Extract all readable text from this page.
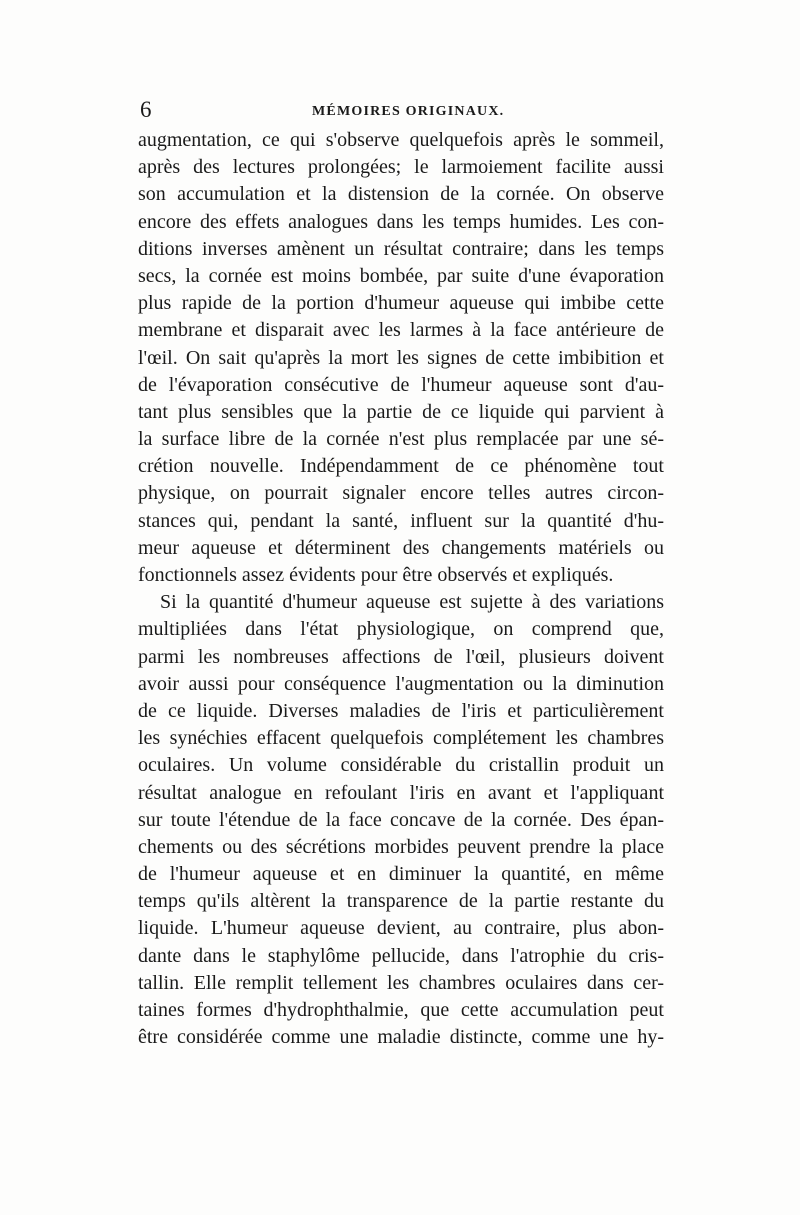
6	MÉMOIRES ORIGINAUX.
augmentation, ce qui s'observe quelquefois après le sommeil,
après des lectures prolongées; le larmoiement facilite aussi
son accumulation et la distension de la cornée. On observe
encore des effets analogues dans les temps humides. Les con-
ditions inverses amènent un résultat contraire; dans les temps
secs, la cornée est moins bombée, par suite d'une évaporation
plus rapide de la portion d'humeur aqueuse qui imbibe cette
membrane et disparait avec les larmes à la face antérieure de
l'œil. On sait qu'après la mort les signes de cette imbibition et
de l'évaporation consécutive de l'humeur aqueuse sont d'au-
tant plus sensibles que la partie de ce liquide qui parvient à
la surface libre de la cornée n'est plus remplacée par une sé-
crétion nouvelle. Indépendamment de ce phénomène tout
physique, on pourrait signaler encore telles autres circon-
stances qui, pendant la santé, influent sur la quantité d'hu-
meur aqueuse et déterminent des changements matériels ou
fonctionnels assez évidents pour être observés et expliqués.
Si la quantité d'humeur aqueuse est sujette à des variations
multipliées dans l'état physiologique, on comprend que,
parmi les nombreuses affections de l'œil, plusieurs doivent
avoir aussi pour conséquence l'augmentation ou la diminution
de ce liquide. Diverses maladies de l'iris et particulièrement
les synéchies effacent quelquefois complétement les chambres
oculaires. Un volume considérable du cristallin produit un
résultat analogue en refoulant l'iris en avant et l'appliquant
sur toute l'étendue de la face concave de la cornée. Des épan-
chements ou des sécrétions morbides peuvent prendre la place
de l'humeur aqueuse et en diminuer la quantité, en même
temps qu'ils altèrent la transparence de la partie restante du
liquide. L'humeur aqueuse devient, au contraire, plus abon-
dante dans le staphylôme pellucide, dans l'atrophie du cris-
tallin. Elle remplit tellement les chambres oculaires dans cer-
taines formes d'hydrophthalmie, que cette accumulation peut
être considérée comme une maladie distincte, comme une hy-
